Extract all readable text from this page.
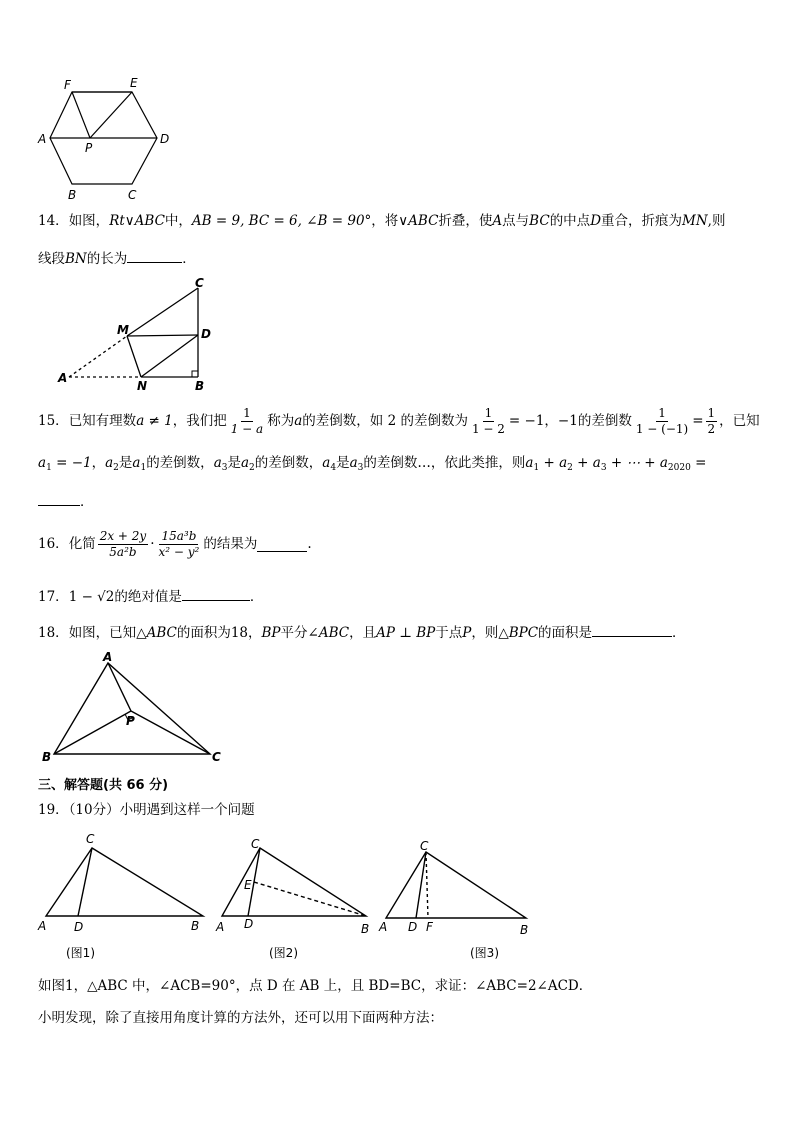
F	E
A
P
D
B	C
14．如图，Rt∨ABC中，AB = 9, BC = 6, ∠B = 90°，将∨ABC折叠，使A点与BC的中点D重合，折痕为MN,则
线段BN的长为	．
C
M	D
A
N	B
15． 已知有理数 a ≠ 1 ，我们把 $\frac{1}{1 - a}$ 称为 a 的差倒数，如 2 的差倒数为 $\frac{1}{1 - 2} = -1$ ， −1 的差倒数 $\frac{1}{1 - (-1)} = \frac{1}{2}$ ，已知
$a_1 = -1$，$a_2$是$a_1$的差倒数，$a_3$是$a_2$的差倒数，$a_4$是$a_3$的差倒数…，依此类推，则$a_1 + a_2 + a_3$ + ⋯ + $a_{2020}$ =
．
16． 化简 $\frac{2x + 2y}{\text{5a²b}} \cdot \frac{\text{15a³b}}{\text{x² − y²}}$ 的结果为	.
17．1 − √2的绝对值是	．
18．如图，已知△ABC的面积为18，BP平分∠ABC，且AP ⊥ BP于点P，则△BPC的面积是	．
A
P
B	C
三、解答题(共 66 分)
19．（10分）小明遇到这样一个问题
C
A D	B
(图1)
C
E
A D	B
(图2)
C
A D F	B
(图3)
如图1，△ABC 中，∠ACB=90°，点 D 在 AB 上，且 BD=BC，求证：∠ABC=2∠ACD．
小明发现，除了直接用角度计算的方法外，还可以用下面两种方法：
